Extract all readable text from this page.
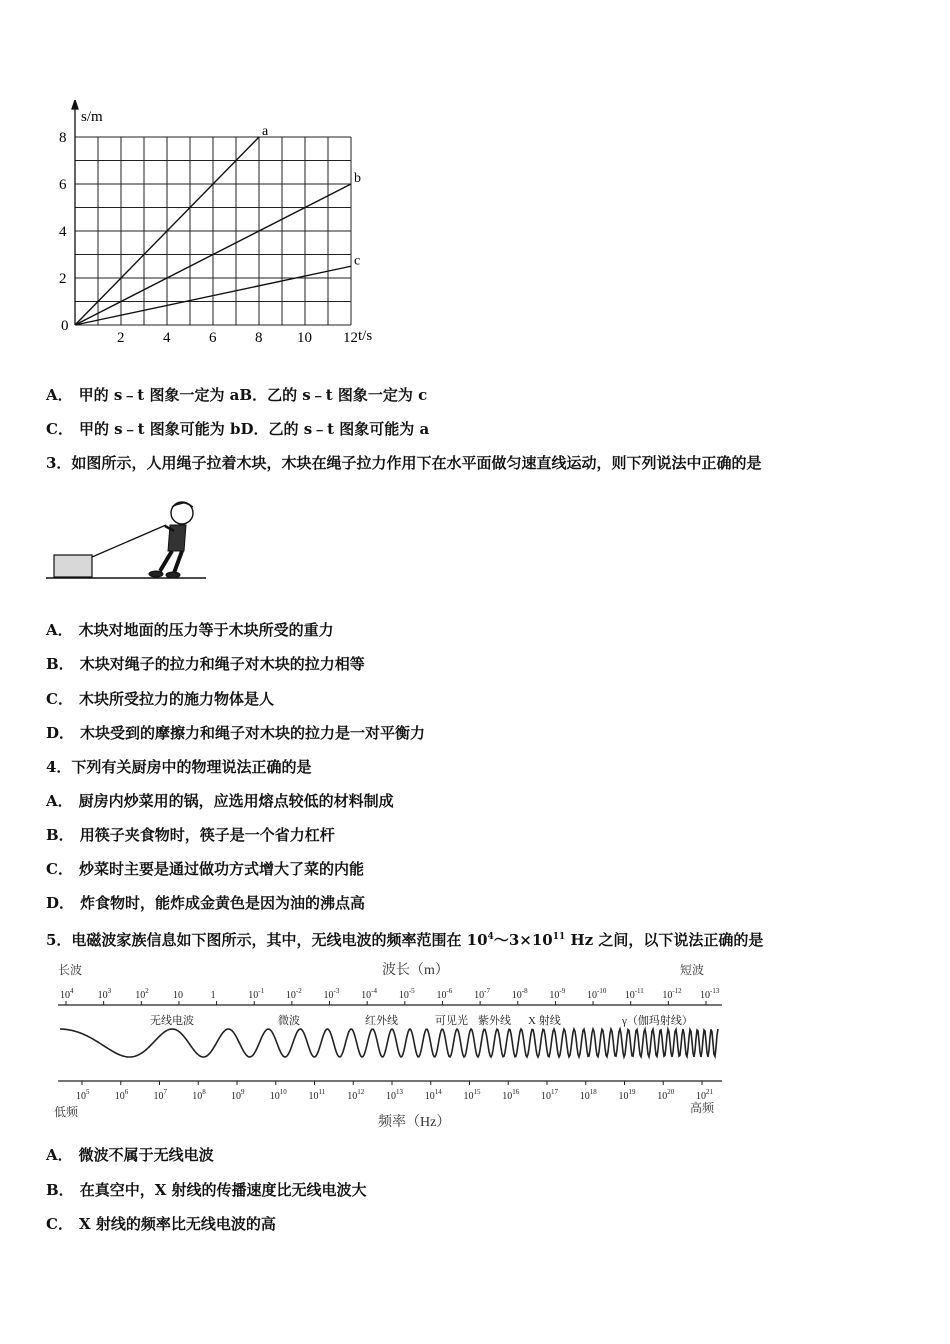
a
b
c
0
2	4	6	8 10 12
2
4
6
8
s/m
t/s
A． 甲的 s﹣t 图象一定为 aB．乙的 s﹣t 图象一定为 c
C． 甲的 s﹣t 图象可能为 bD．乙的 s﹣t 图象可能为 a
3．如图所示，人用绳子拉着木块，木块在绳子拉力作用下在水平面做匀速直线运动，则下列说法中正确的是
A． 木块对地面的压力等于木块所受的重力
B． 木块对绳子的拉力和绳子对木块的拉力相等
C． 木块所受拉力的施力物体是人
D． 木块受到的摩擦力和绳子对木块的拉力是一对平衡力
4．下列有关厨房中的物理说法正确的是
A． 厨房内炒菜用的锅，应选用熔点较低的材料制成
B． 用筷子夹食物时，筷子是一个省力杠杆
C． 炒菜时主要是通过做功方式增大了菜的内能
D． 炸食物时，能炸成金黄色是因为油的沸点高
5．电磁波家族信息如下图所示，其中，无线电波的频率范围在 $10^4\sim 3\times 10^{11}$ Hz 之间，以下说法正确的是
长波	波长（m）	短波
$10^4$ $10^3$ $10^2$ 10	1	$10^{-1}$ $10^{-2}$ $10^{-3}$ $10^{-4}$ $10^{-5}$ $10^{-6}$ $10^{-7}$ $10^{-8}$ $10^{-9}$ $10^{-10}$ $10^{-11}$ $10^{-12}$ $10^{-13}$
无线电波	微波	红外线	可见光 紫外线 X 射线	γ（伽玛射线）
$10^5$	$10^6$	$10^7$	$10^8$	$10^9$	$10^{10}$ $10^{11}$ $10^{12}$ $10^{13}$ $10^{14}$ $10^{15}$ $10^{16}$ $10^{17}$ $10^{18}$ $10^{19}$ $10^{20}$ $10^{21}$
低频
频率（Hz）
高频
A． 微波不属于无线电波
B． 在真空中，X 射线的传播速度比无线电波大
C． X 射线的频率比无线电波的高
